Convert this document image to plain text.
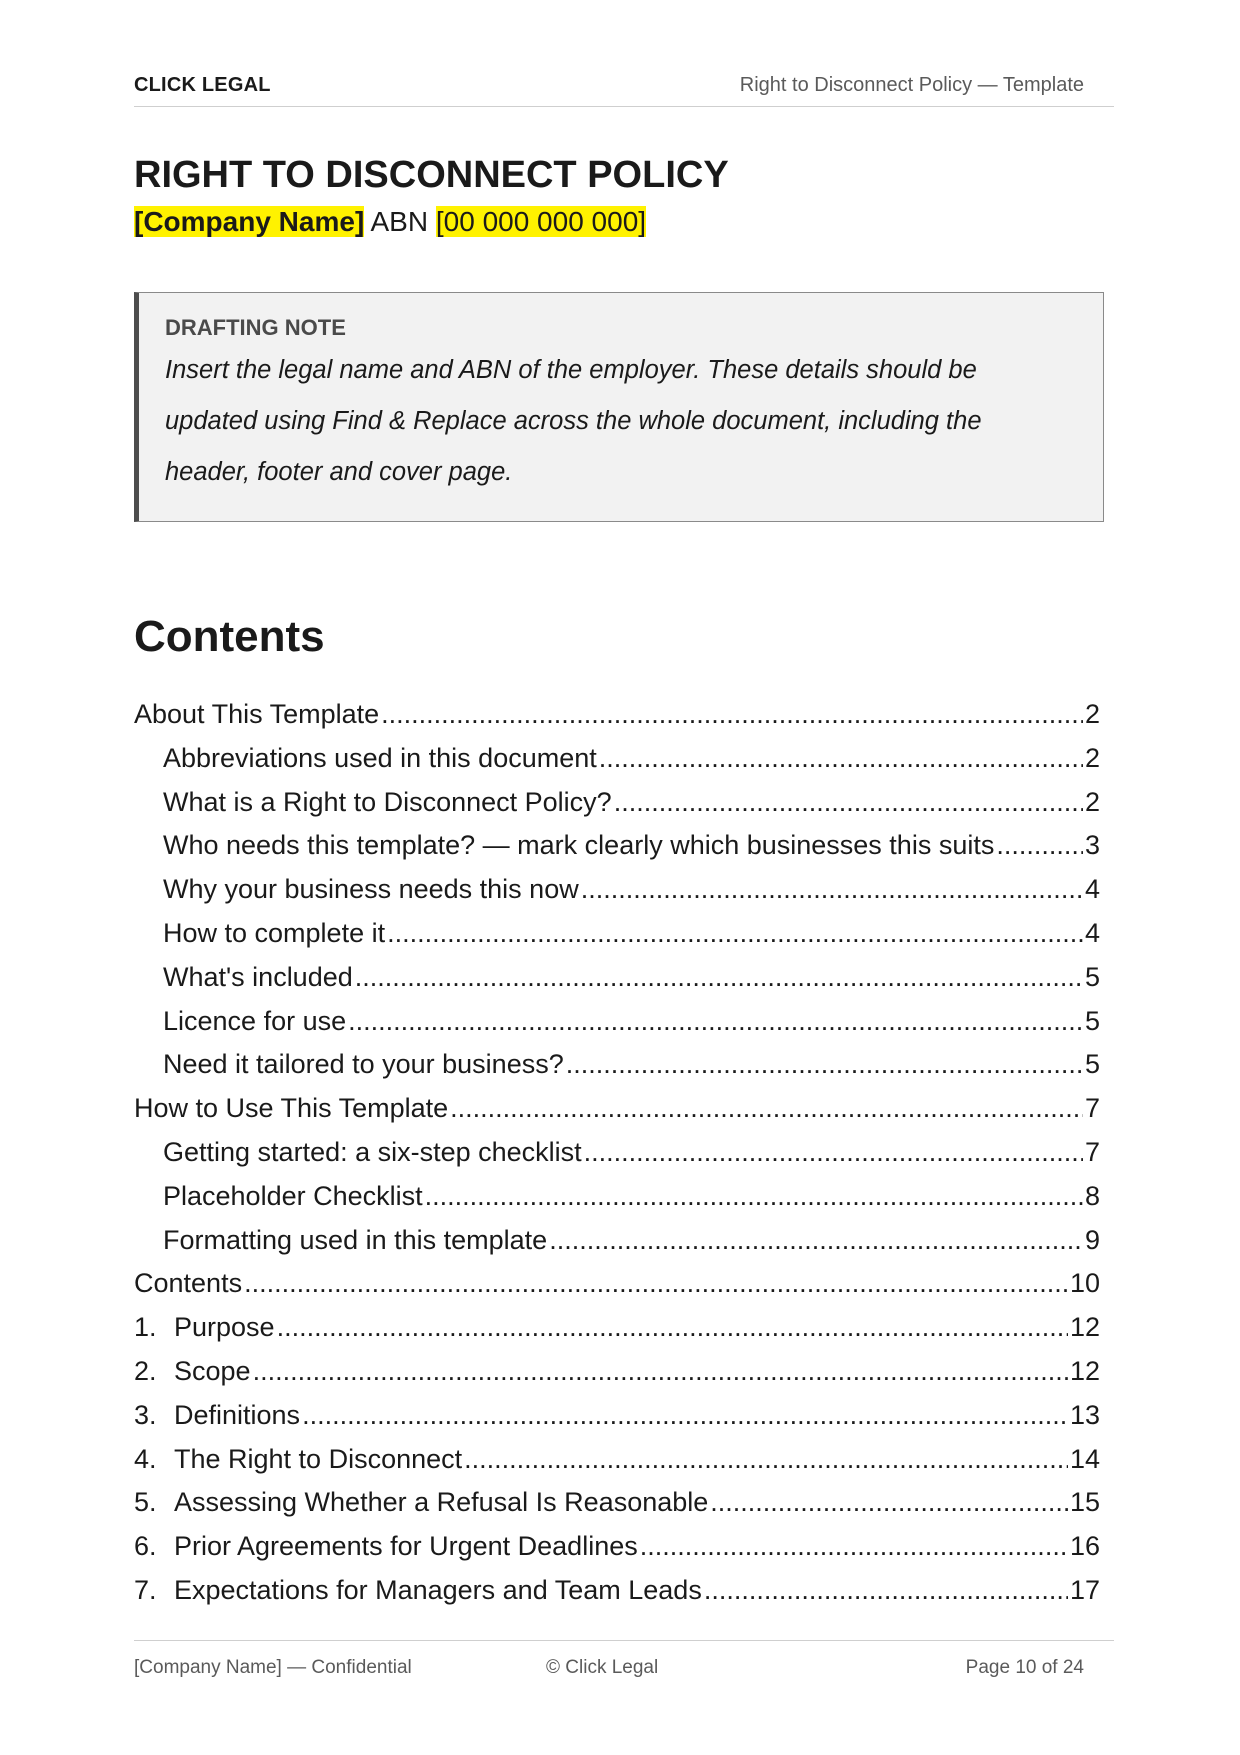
CLICK LEGAL	Right to Disconnect Policy — Template
RIGHT TO DISCONNECT POLICY
[Company Name] ABN [00 000 000 000]
DRAFTING NOTE
Insert the legal name and ABN of the employer. These details should be updated using Find & Replace across the whole document, including the header, footer and cover page.
Contents
About This Template .....	2
Abbreviations used in this document .....	2
What is a Right to Disconnect Policy? .....	2
Who needs this template? — mark clearly which businesses this suits .....	3
Why your business needs this now .....	4
How to complete it .....	4
What's included .....	5
Licence for use .....	5
Need it tailored to your business? .....	5
How to Use This Template .....	7
Getting started: a six-step checklist .....	7
Placeholder Checklist .....	8
Formatting used in this template .....	9
Contents .....	10
1. Purpose .....	12
2. Scope .....	12
3. Definitions .....	13
4. The Right to Disconnect .....	14
5. Assessing Whether a Refusal Is Reasonable .....	15
6. Prior Agreements for Urgent Deadlines .....	16
7. Expectations for Managers and Team Leads .....	17
[Company Name] — Confidential	© Click Legal	Page 10 of 24
